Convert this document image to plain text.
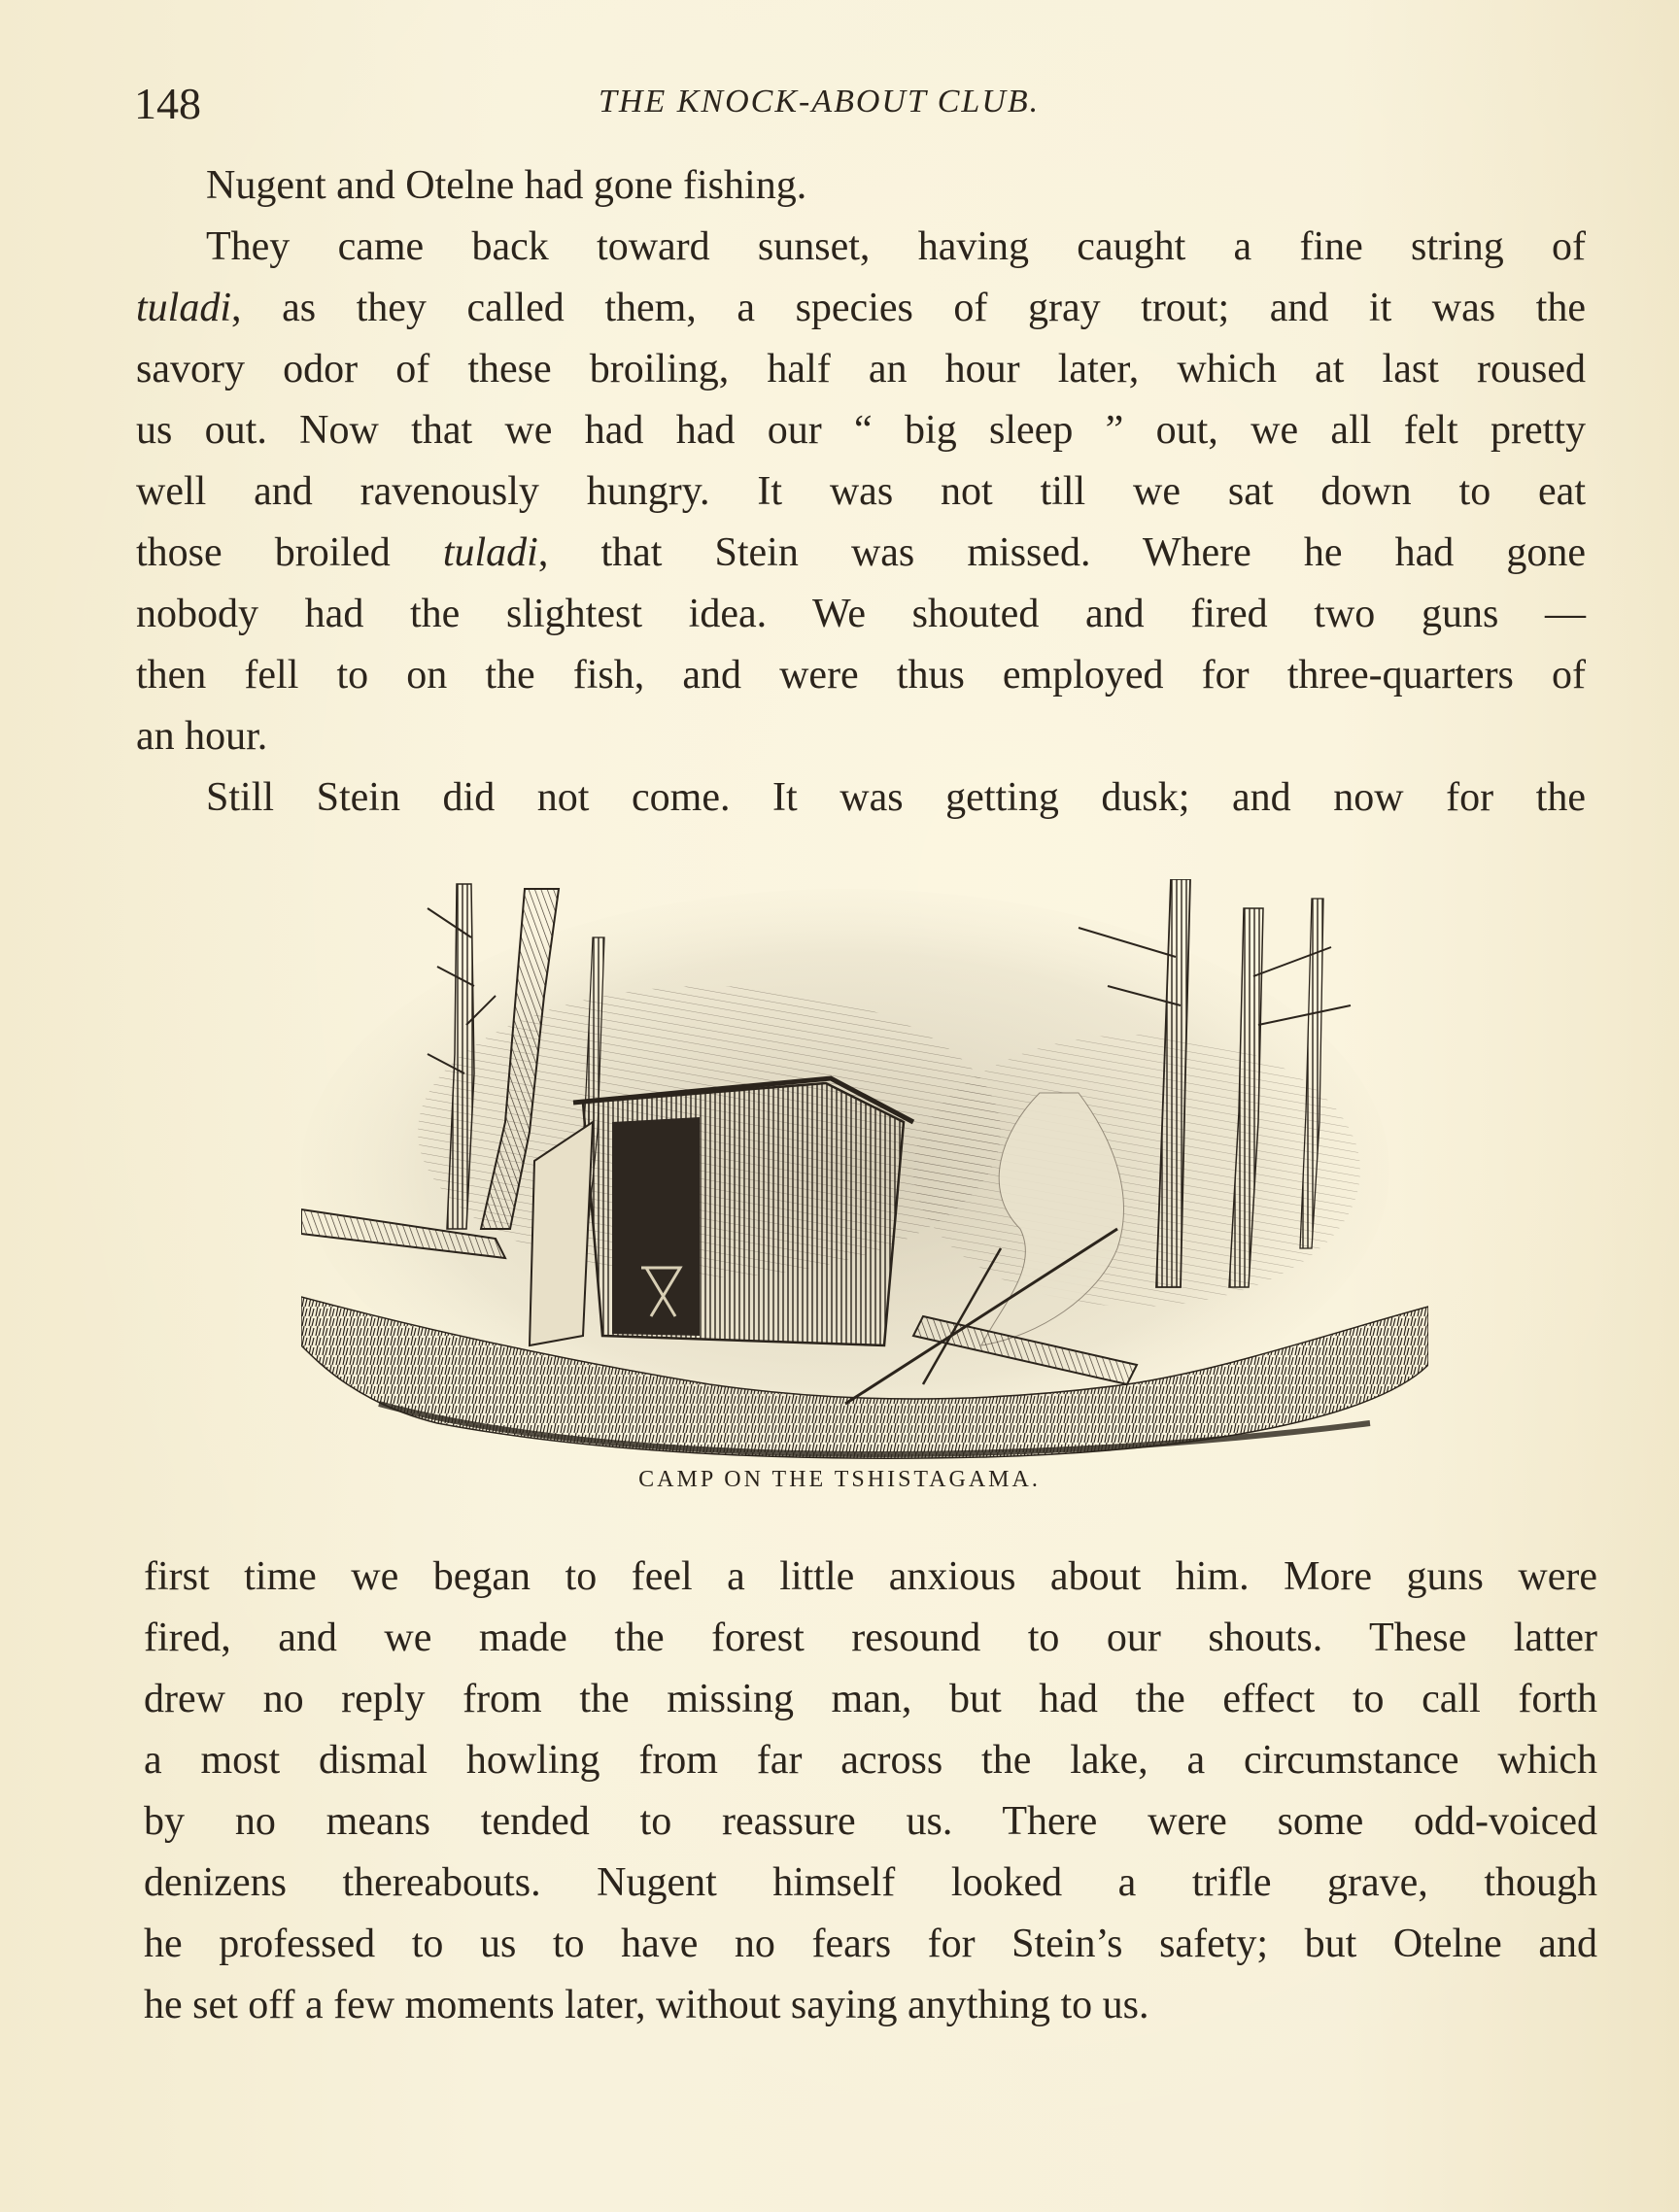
148	THE KNOCK-ABOUT CLUB.
Nugent and Otelne had gone fishing.
They came back toward sunset, having caught a fine string of
tuladi, as they called them, a species of gray trout; and it was the
savory odor of these broiling, half an hour later, which at last roused
us out. Now that we had had our “ big sleep ” out, we all felt pretty
well and ravenously hungry. It was not till we sat down to eat
those broiled tuladi, that Stein was missed. Where he had gone
nobody had the slightest idea. We shouted and fired two guns —
then fell to on the fish, and were thus employed for three-quarters of
an hour.
Still Stein did not come. It was getting dusk; and now for the
CAMP ON THE TSHISTAGAMA.
first time we began to feel a little anxious about him. More guns were
fired, and we made the forest resound to our shouts. These latter
drew no reply from the missing man, but had the effect to call forth
a most dismal howling from far across the lake, a circumstance which
by no means tended to reassure us. There were some odd-voiced
denizens thereabouts. Nugent himself looked a trifle grave, though
he professed to us to have no fears for Stein’s safety; but Otelne and
he set off a few moments later, without saying anything to us.
